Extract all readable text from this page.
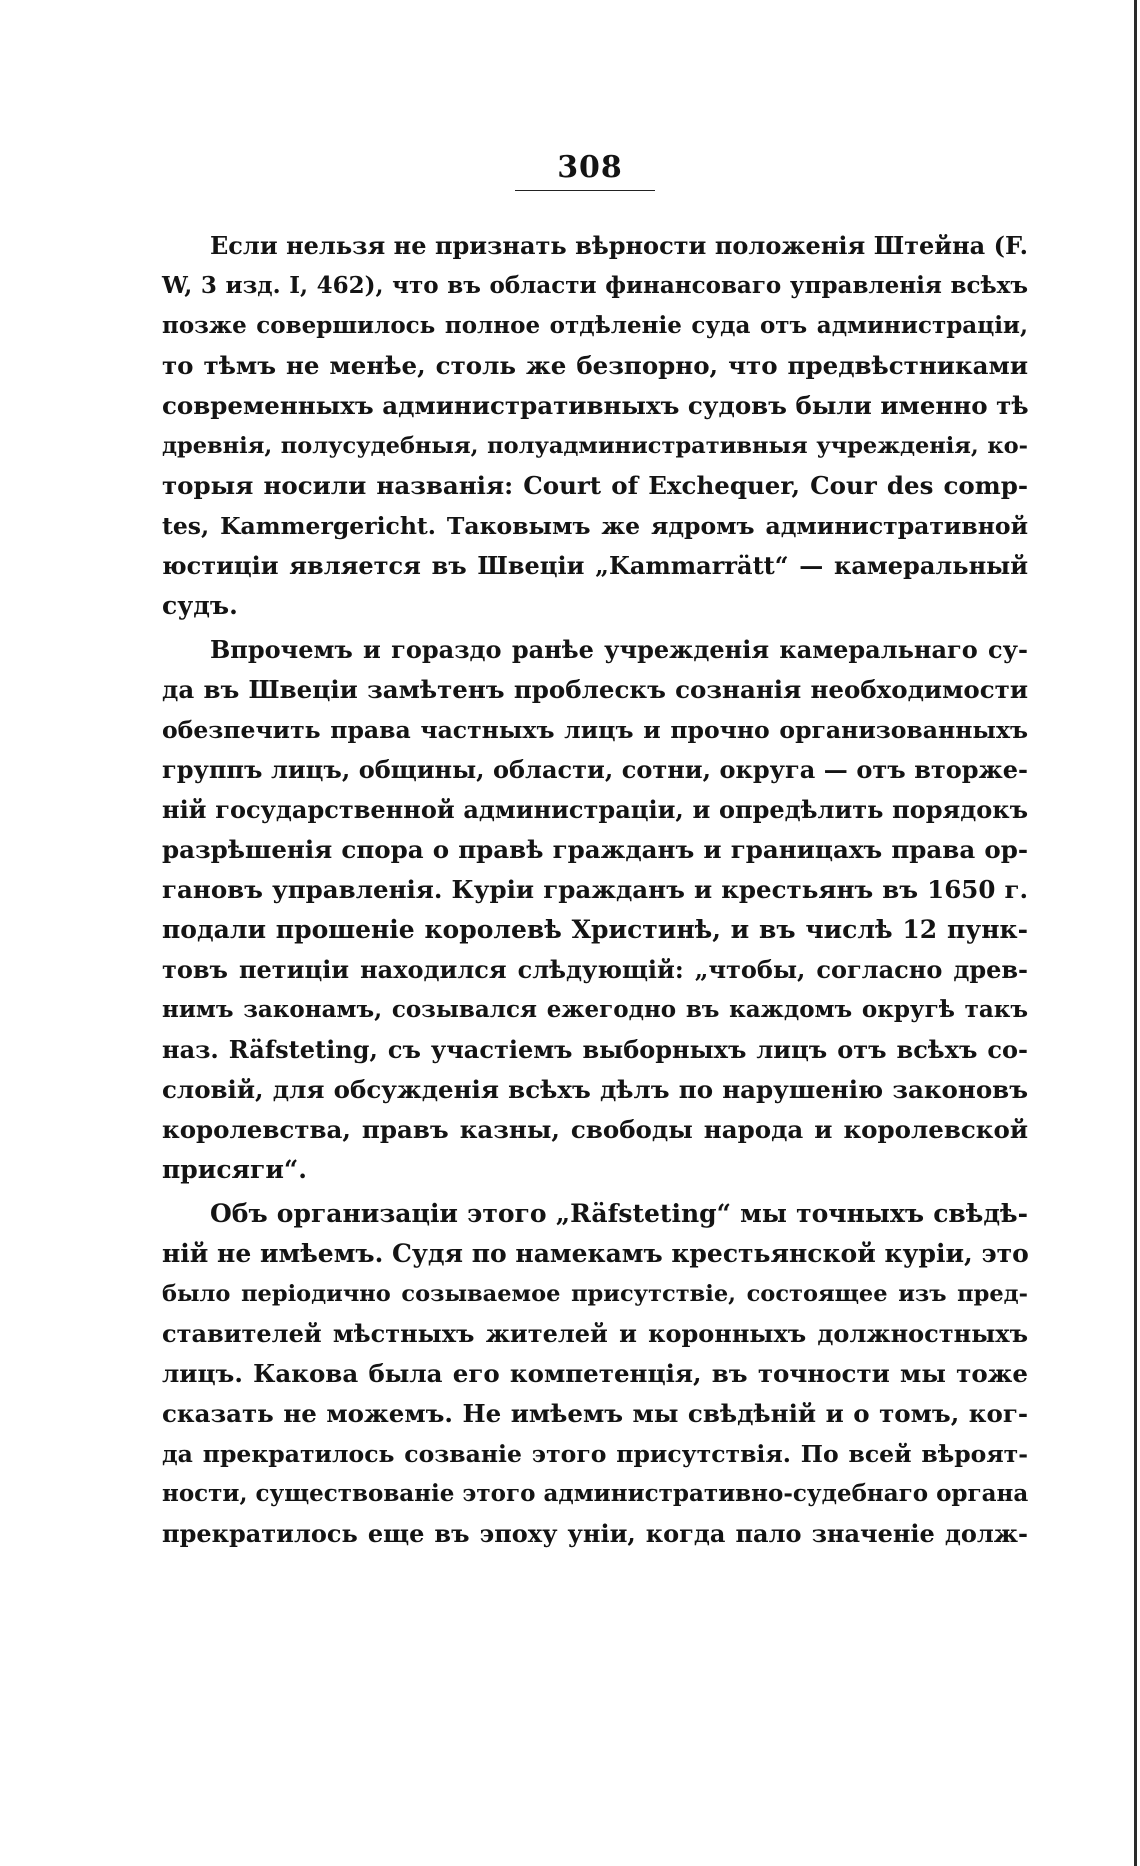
308
Если нельзя не признать вѣрности положенія Штейна (F.
W, 3 изд. I, 462), что въ области финансоваго управленія всѣхъ
позже совершилось полное отдѣленіе суда отъ администраціи,
то тѣмъ не менѣе, столь же безпорно, что предвѣстниками
современныхъ административныхъ судовъ были именно тѣ
древнія, полусудебныя, полуадминистративныя учрежденія, ко-
торыя носили названія: Court of Exchequer, Cour des comp-
tes, Kammergericht. Таковымъ же ядромъ административной
юстиціи является въ Швеціи „Kammarrätt“ — камеральный
судъ.
Впрочемъ и гораздо ранѣе учрежденія камеральнаго су-
да въ Швеціи замѣтенъ проблескъ сознанія необходимости
обезпечить права частныхъ лицъ и прочно организованныхъ
группъ лицъ, общины, области, сотни, округа — отъ вторже-
ній государственной администраціи, и опредѣлить порядокъ
разрѣшенія спора о правѣ гражданъ и границахъ права ор-
гановъ управленія. Куріи гражданъ и крестьянъ въ 1650 г.
подали прошеніе королевѣ Христинѣ, и въ числѣ 12 пунк-
товъ петиціи находился слѣдующій: „чтобы, согласно древ-
нимъ законамъ, созывался ежегодно въ каждомъ округѣ такъ
наз. Räfsteting, съ участіемъ выборныхъ лицъ отъ всѣхъ со-
словій, для обсужденія всѣхъ дѣлъ по нарушенію законовъ
королевства, правъ казны, свободы народа и королевской
присяги“.
Объ организаціи этого „Räfsteting“ мы точныхъ свѣдѣ-
ній не имѣемъ. Судя по намекамъ крестьянской куріи, это
было періодично созываемое присутствіе, состоящее изъ пред-
ставителей мѣстныхъ жителей и коронныхъ должностныхъ
лицъ. Какова была его компетенція, въ точности мы тоже
сказать не можемъ. Не имѣемъ мы свѣдѣній и о томъ, ког-
да прекратилось созваніе этого присутствія. По всей вѣроят-
ности, существованіе этого административно-судебнаго органа
прекратилось еще въ эпоху уніи, когда пало значеніе долж-
